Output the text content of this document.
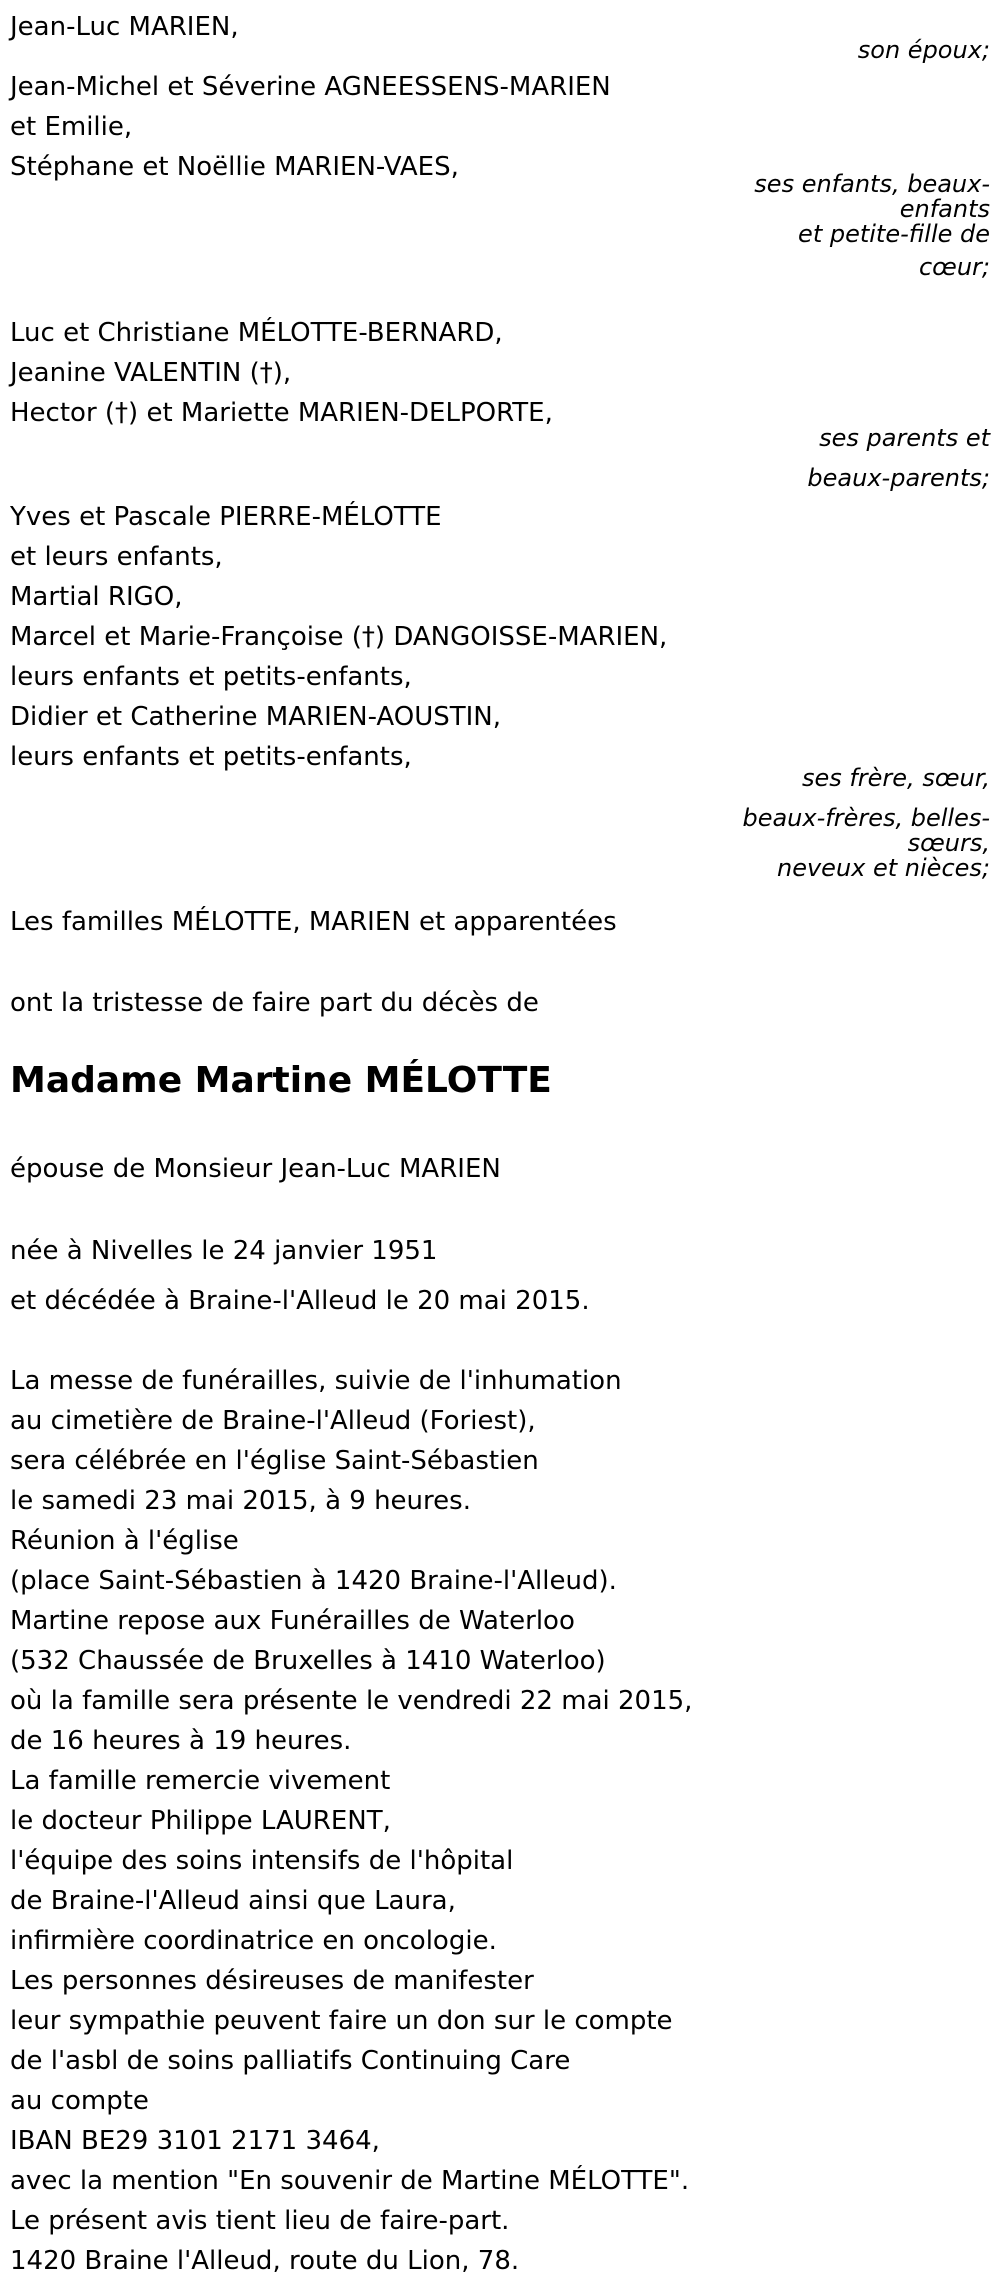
Jean-Luc MARIEN,
Jean-Michel et Séverine AGNEESSENS-MARIEN
et Emilie,
Stéphane et Noëllie MARIEN-VAES,
Luc et Christiane MÉLOTTE-BERNARD,
Jeanine VALENTIN (†),
Hector (†) et Mariette MARIEN-DELPORTE,
Yves et Pascale PIERRE-MÉLOTTE
et leurs enfants,
Martial RIGO,
Marcel et Marie-Françoise (†) DANGOISSE-MARIEN,
leurs enfants et petits-enfants,
Didier et Catherine MARIEN-AOUSTIN,
leurs enfants et petits-enfants,
Les familles MÉLOTTE, MARIEN et apparentées
son époux;
ses enfants, beaux-
enfants
et petite-fille de
cœur;
ses parents et
beaux-parents;
ses frère, sœur,
beaux-frères, belles-
sœurs,
neveux et nièces;
ont la tristesse de faire part du décès de
Madame Martine MÉLOTTE
épouse de Monsieur Jean-Luc MARIEN
née à Nivelles le 24 janvier 1951
et décédée à Braine-l'Alleud le 20 mai 2015.
La messe de funérailles, suivie de l'inhumation
au cimetière de Braine-l'Alleud (Foriest),
sera célébrée en l'église Saint-Sébastien
le samedi 23 mai 2015, à 9 heures.
Réunion à l'église
(place Saint-Sébastien à 1420 Braine-l'Alleud).
Martine repose aux Funérailles de Waterloo
(532 Chaussée de Bruxelles à 1410 Waterloo)
où la famille sera présente le vendredi 22 mai 2015,
de 16 heures à 19 heures.
La famille remercie vivement
le docteur Philippe LAURENT,
l'équipe des soins intensifs de l'hôpital
de Braine-l'Alleud ainsi que Laura,
infirmière coordinatrice en oncologie.
Les personnes désireuses de manifester
leur sympathie peuvent faire un don sur le compte
de l'asbl de soins palliatifs Continuing Care
au compte
IBAN BE29 3101 2171 3464,
avec la mention "En souvenir de Martine MÉLOTTE".
Le présent avis tient lieu de faire-part.
1420 Braine l'Alleud, route du Lion, 78.
